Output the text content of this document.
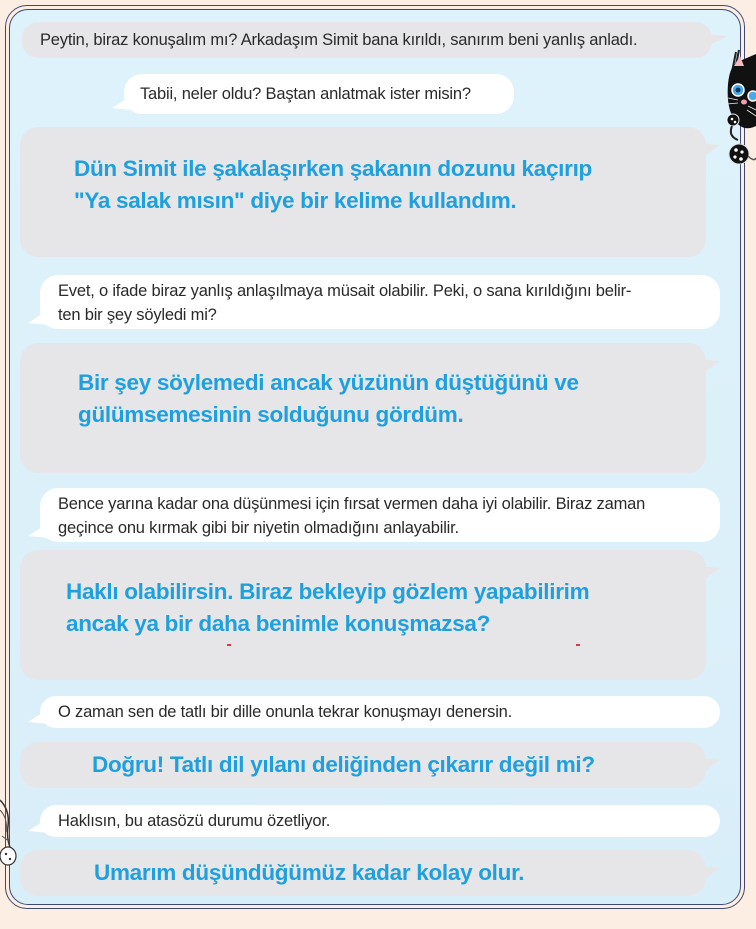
Peytin, biraz konuşalım mı? Arkadaşım Simit bana kırıldı, sanırım beni yanlış anladı.
Tabii, neler oldu? Baştan anlatmak ister misin?
Dün Simit ile şakalaşırken şakanın dozunu kaçırıp
"Ya salak mısın" diye bir kelime kullandım.
Evet, o ifade biraz yanlış anlaşılmaya müsait olabilir. Peki, o sana kırıldığını belir-
ten bir şey söyledi mi?
Bir şey söylemedi ancak yüzünün düştüğünü ve
gülümsemesinin solduğunu gördüm.
Bence yarına kadar ona düşünmesi için fırsat vermen daha iyi olabilir. Biraz zaman
geçince onu kırmak gibi bir niyetin olmadığını anlayabilir.
Haklı olabilirsin. Biraz bekleyip gözlem yapabilirim
ancak ya bir daha benimle konuşmazsa?
O zaman sen de tatlı bir dille onunla tekrar konuşmayı denersin.
Doğru! Tatlı dil yılanı deliğinden çıkarır değil mi?
Haklısın, bu atasözü durumu özetliyor.
Umarım düşündüğümüz kadar kolay olur.
